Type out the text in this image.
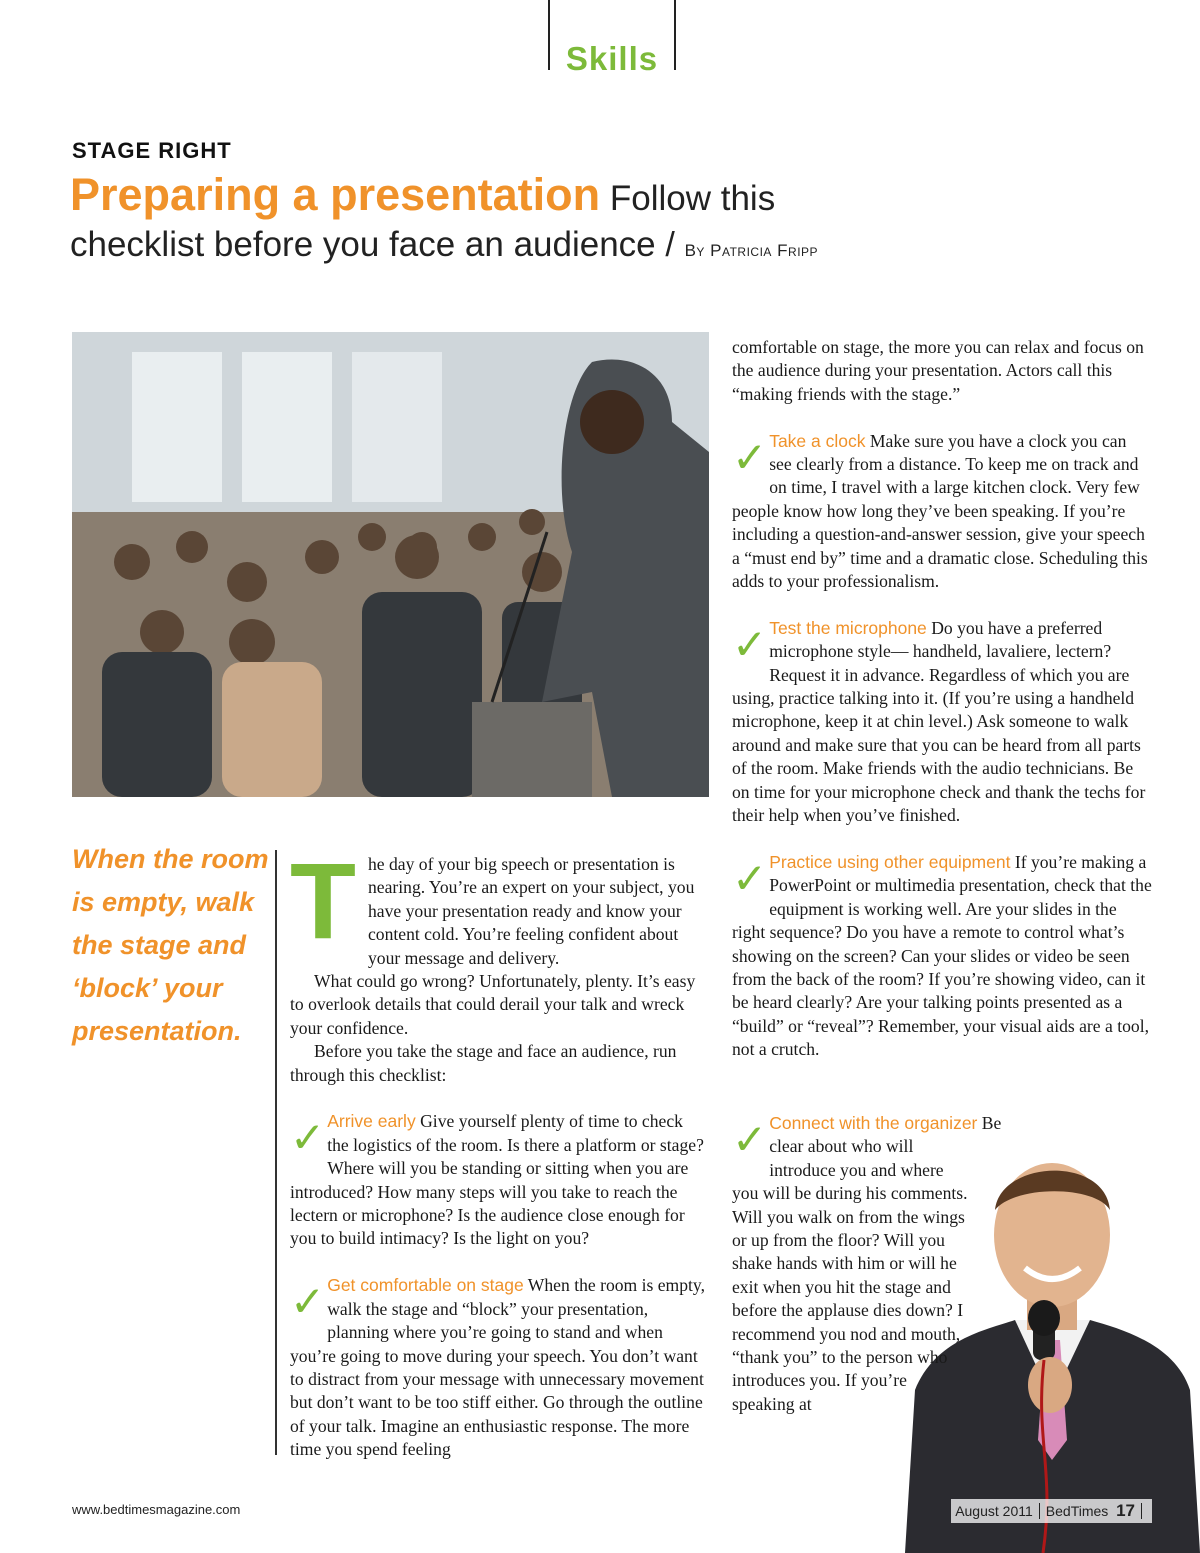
Skills
STAGE RIGHT
Preparing a presentation Follow this
checklist before you face an audience / By Patricia Fripp
When the room is empty, walk the stage and ‘block’ your presentation.

The day of your big speech or presentation is nearing. You’re an expert on your subject, you have your presentation ready and know your content cold. You’re feeling confident about your message and delivery.

What could go wrong? Unfortunately, plenty. It’s easy to overlook details that could derail your talk and wreck your confidence.

Before you take the stage and face an audience, run through this checklist:

✓ Arrive early Give yourself plenty of time to check the logistics of the room. Is there a platform or stage? Where will you be standing or sitting when you are introduced? How many steps will you take to reach the lectern or microphone? Is the audience close enough for you to build intimacy? Is the light on you?

✓ Get comfortable on stage When the room is empty, walk the stage and “block” your presentation, planning where you’re going to stand and when you’re going to move during your speech. You don’t want to distract from your message with unnecessary movement but don’t want to be too stiff either. Go through the outline of your talk. Imagine an enthusiastic response. The more time you spend feeling

comfortable on stage, the more you can relax and focus on the audience during your presentation. Actors call this “making friends with the stage.”

✓ Take a clock Make sure you have a clock you can see clearly from a distance. To keep me on track and on time, I travel with a large kitchen clock. Very few people know how long they’ve been speaking. If you’re including a question-and-answer session, give your speech a “must end by” time and a dramatic close. Scheduling this adds to your professionalism.

✓ Test the microphone Do you have a preferred microphone style— handheld, lavaliere, lectern? Request it in advance. Regardless of which you are using, practice talking into it. (If you’re using a handheld microphone, keep it at chin level.) Ask someone to walk around and make sure that you can be heard from all parts of the room. Make friends with the audio technicians. Be on time for your microphone check and thank the techs for their help when you’ve finished.

✓ Practice using other equipment If you’re making a PowerPoint or multimedia presentation, check that the equipment is working well. Are your slides in the right sequence? Do you have a remote to control what’s showing on the screen? Can your slides or video be seen from the back of the room? If you’re showing video, can it be heard clearly? Are your talking points presented as a “build” or “reveal”? Remember, your visual aids are a tool, not a crutch.

✓ Connect with the organizer Be clear about who will introduce you and where you will be during his comments. Will you walk on from the wings or up from the floor? Will you shake hands with him or will he exit when you hit the stage and before the applause dies down? I recommend you nod and mouth, “thank you” to the person who introduces you. If you’re speaking at

www.bedtimesmagazine.com	August 2011 BedTimes 17
